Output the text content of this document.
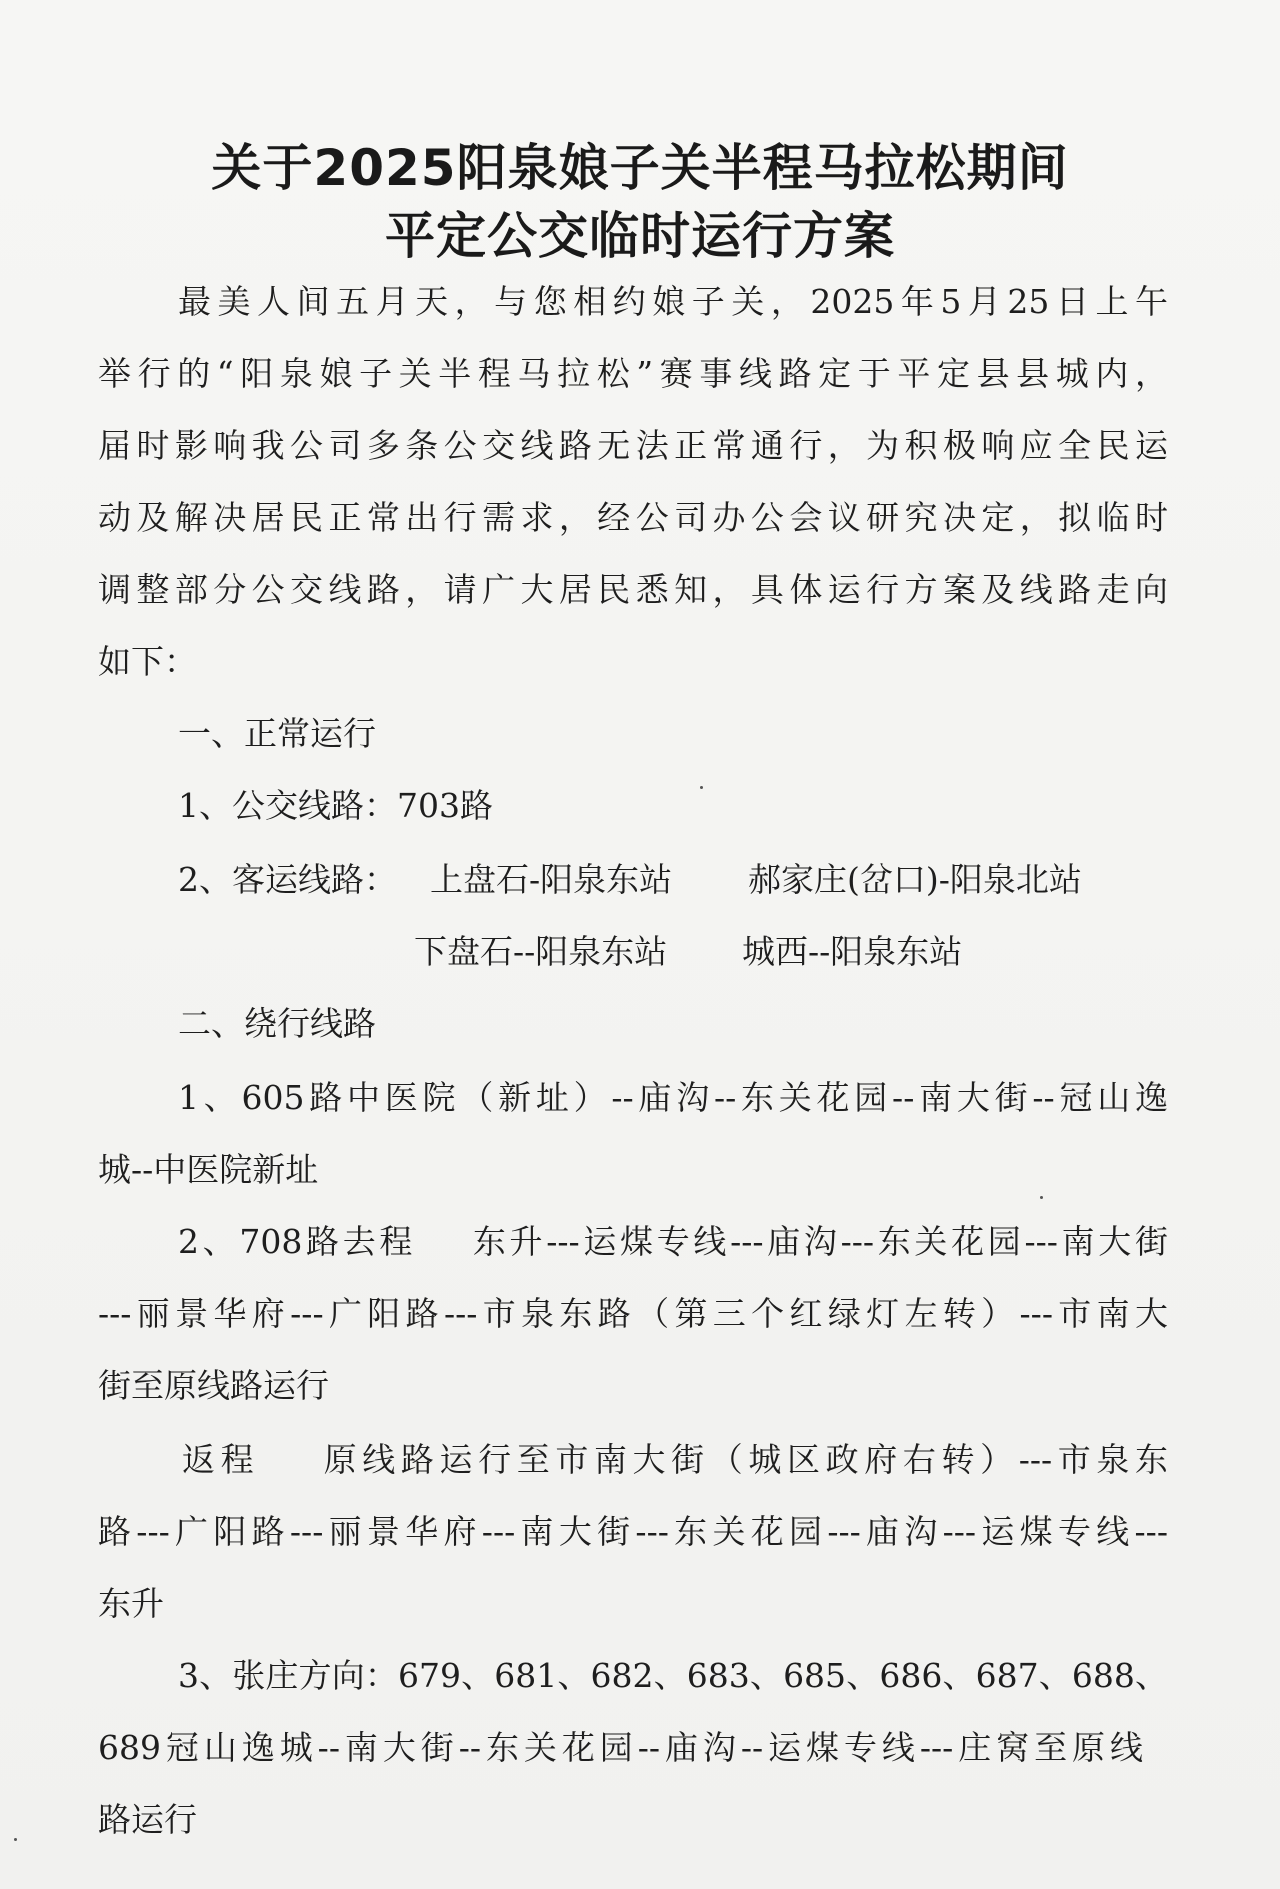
关于2025阳泉娘子关半程马拉松期间
平定公交临时运行方案
最美人间五月天，与您相约娘子关，2025年5月25日上午
举行的“阳泉娘子关半程马拉松”赛事线路定于平定县县城内，
届时影响我公司多条公交线路无法正常通行，为积极响应全民运
动及解决居民正常出行需求，经公司办公会议研究决定，拟临时
调整部分公交线路，请广大居民悉知，具体运行方案及线路走向
如下：
一、正常运行
1、公交线路：703路
2、客运线路： 上盘石-阳泉东站 郝家庄(岔口)-阳泉北站
下盘石--阳泉东站 城西--阳泉东站
二、绕行线路
1、605路中医院（新址）--庙沟--东关花园--南大街--冠山逸
城--中医院新址
2、708路去程    东升---运煤专线---庙沟---东关花园---南大街
---丽景华府---广阳路---市泉东路（第三个红绿灯左转）---市南大
街至原线路运行
返程    原线路运行至市南大街（城区政府右转）---市泉东
路---广阳路---丽景华府---南大街---东关花园---庙沟---运煤专线---
东升
3、张庄方向：679、681、682、683、685、686、687、688、
689冠山逸城--南大街--东关花园--庙沟--运煤专线---庄窝至原线
路运行
